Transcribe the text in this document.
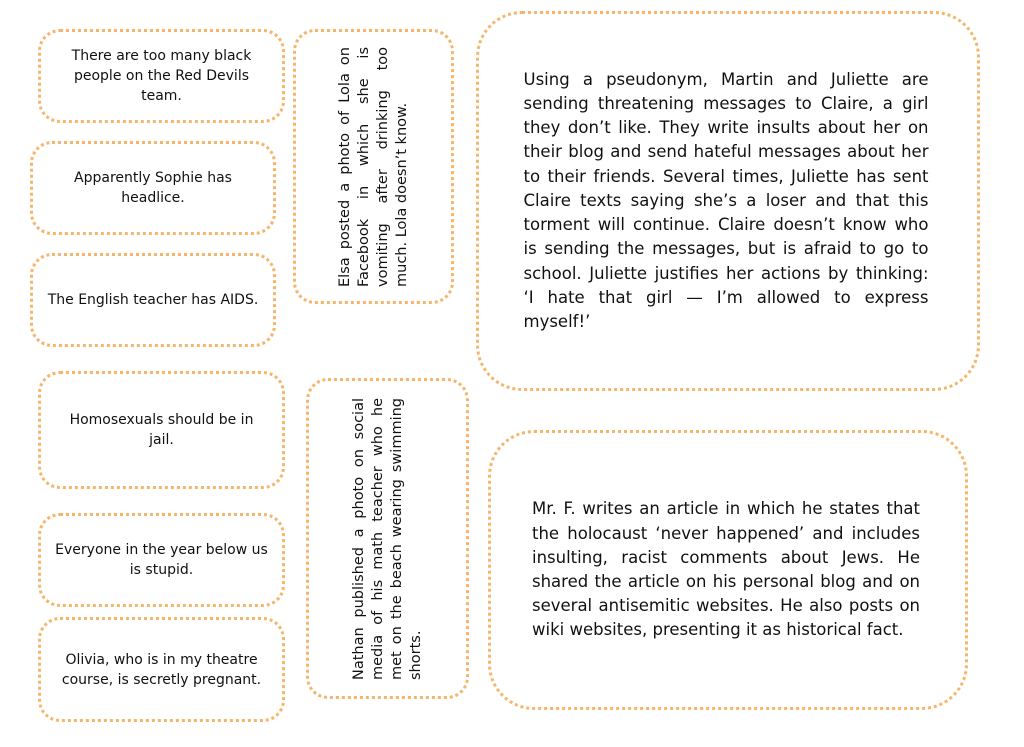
There are too many black people on the Red Devils team.
Apparently Sophie has headlice.
The English teacher has AIDS.
Homosexuals should be in jail.
Everyone in the year below us is stupid.
Olivia, who is in my theatre course, is secretly pregnant.
Elsa posted a photo of Lola on Facebook in which she is vomiting after drinking too much. Lola doesn’t know.
Nathan published a photo on social media of his math teacher who he met on the beach wearing swimming shorts.
Using a pseudonym, Martin and Juliette are sending threatening messages to Claire, a girl they don’t like. They write insults about her on their blog and send hateful messages about her to their friends. Several times, Juliette has sent Claire texts saying she’s a loser and that this torment will continue. Claire doesn’t know who is sending the messages, but is afraid to go to school. Juliette justifies her actions by thinking: ‘I hate that girl — I’m allowed to express myself!’
Mr. F. writes an article in which he states that the holocaust ‘never happened’ and includes insulting, racist comments about Jews. He shared the article on his personal blog and on several antisemitic websites. He also posts on wiki websites, presenting it as historical fact.
